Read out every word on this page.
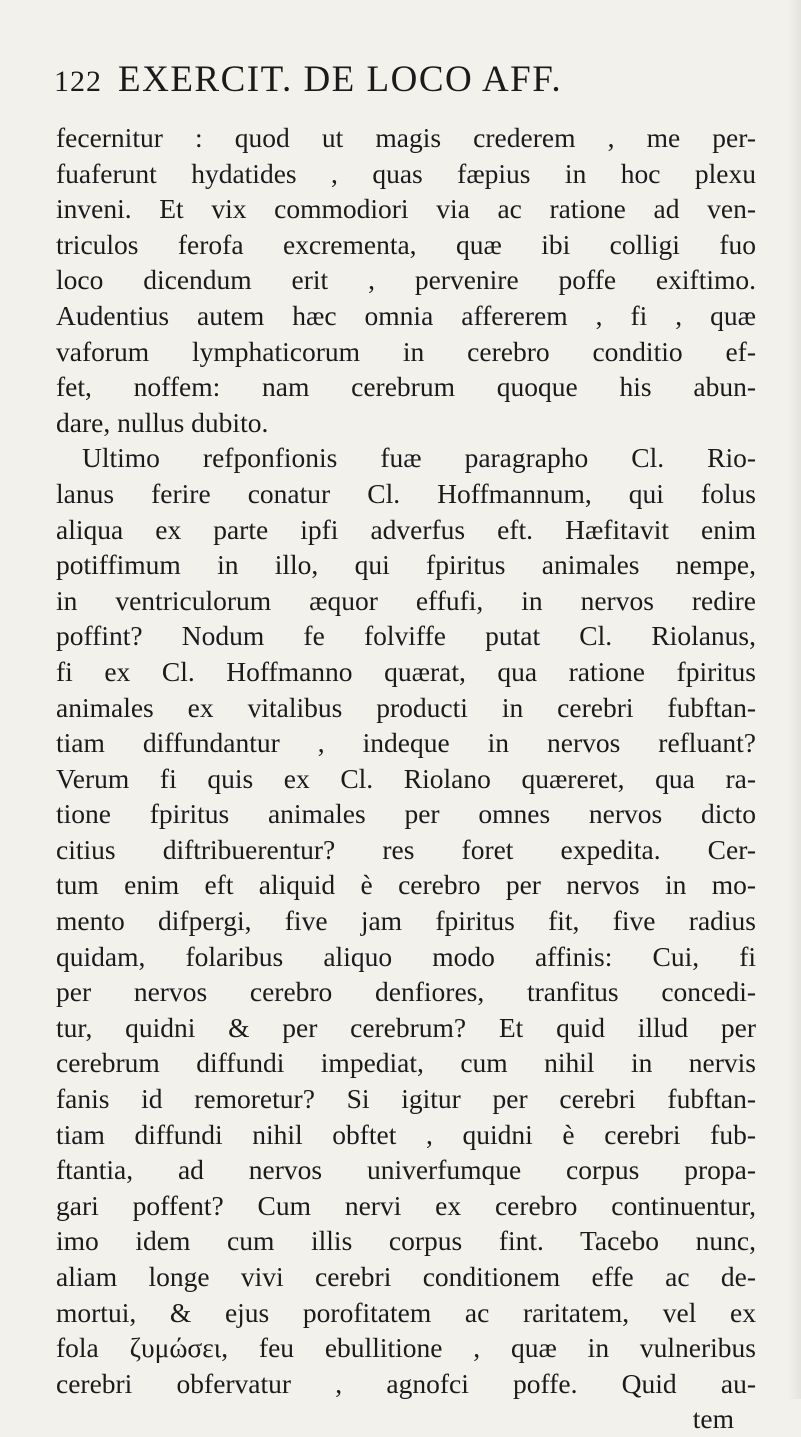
122 EXERCIT. DE LOCO AFF.
fecernitur : quod ut magis crederem , me per-
fuaferunt hydatides , quas fæpius in hoc plexu
inveni. Et vix commodiori via ac ratione ad ven-
triculos ferofa excrementa, quæ ibi colligi fuo
loco dicendum erit , pervenire poffe exiftimo.
Audentius autem hæc omnia affererem , fi , quæ
vaforum lymphaticorum in cerebro conditio ef-
fet, noffem: nam cerebrum quoque his abun-
dare, nullus dubito.
Ultimo refponfionis fuæ paragrapho Cl. Rio-
lanus ferire conatur Cl. Hoffmannum, qui folus
aliqua ex parte ipfi adverfus eft. Hæfitavit enim
potiffimum in illo, qui fpiritus animales nempe,
in ventriculorum æquor effufi, in nervos redire
poffint? Nodum fe folviffe putat Cl. Riolanus,
fi ex Cl. Hoffmanno quærat, qua ratione fpiritus
animales ex vitalibus producti in cerebri fubftan-
tiam diffundantur , indeque in nervos refluant?
Verum fi quis ex Cl. Riolano quæreret, qua ra-
tione fpiritus animales per omnes nervos dicto
citius diftribuerentur? res foret expedita. Cer-
tum enim eft aliquid è cerebro per nervos in mo-
mento difpergi, five jam fpiritus fit, five radius
quidam, folaribus aliquo modo affinis: Cui, fi
per nervos cerebro denfiores, tranfitus concedi-
tur, quidni & per cerebrum? Et quid illud per
cerebrum diffundi impediat, cum nihil in nervis
fanis id remoretur? Si igitur per cerebri fubftan-
tiam diffundi nihil obftet , quidni è cerebri fub-
ftantia, ad nervos univerfumque corpus propa-
gari poffent? Cum nervi ex cerebro continuentur,
imo idem cum illis corpus fint. Tacebo nunc,
aliam longe vivi cerebri conditionem effe ac de-
mortui, & ejus porofitatem ac raritatem, vel ex
fola ζυμώσει, feu ebullitione , quæ in vulneribus
cerebri obfervatur , agnofci poffe. Quid au-
tem
